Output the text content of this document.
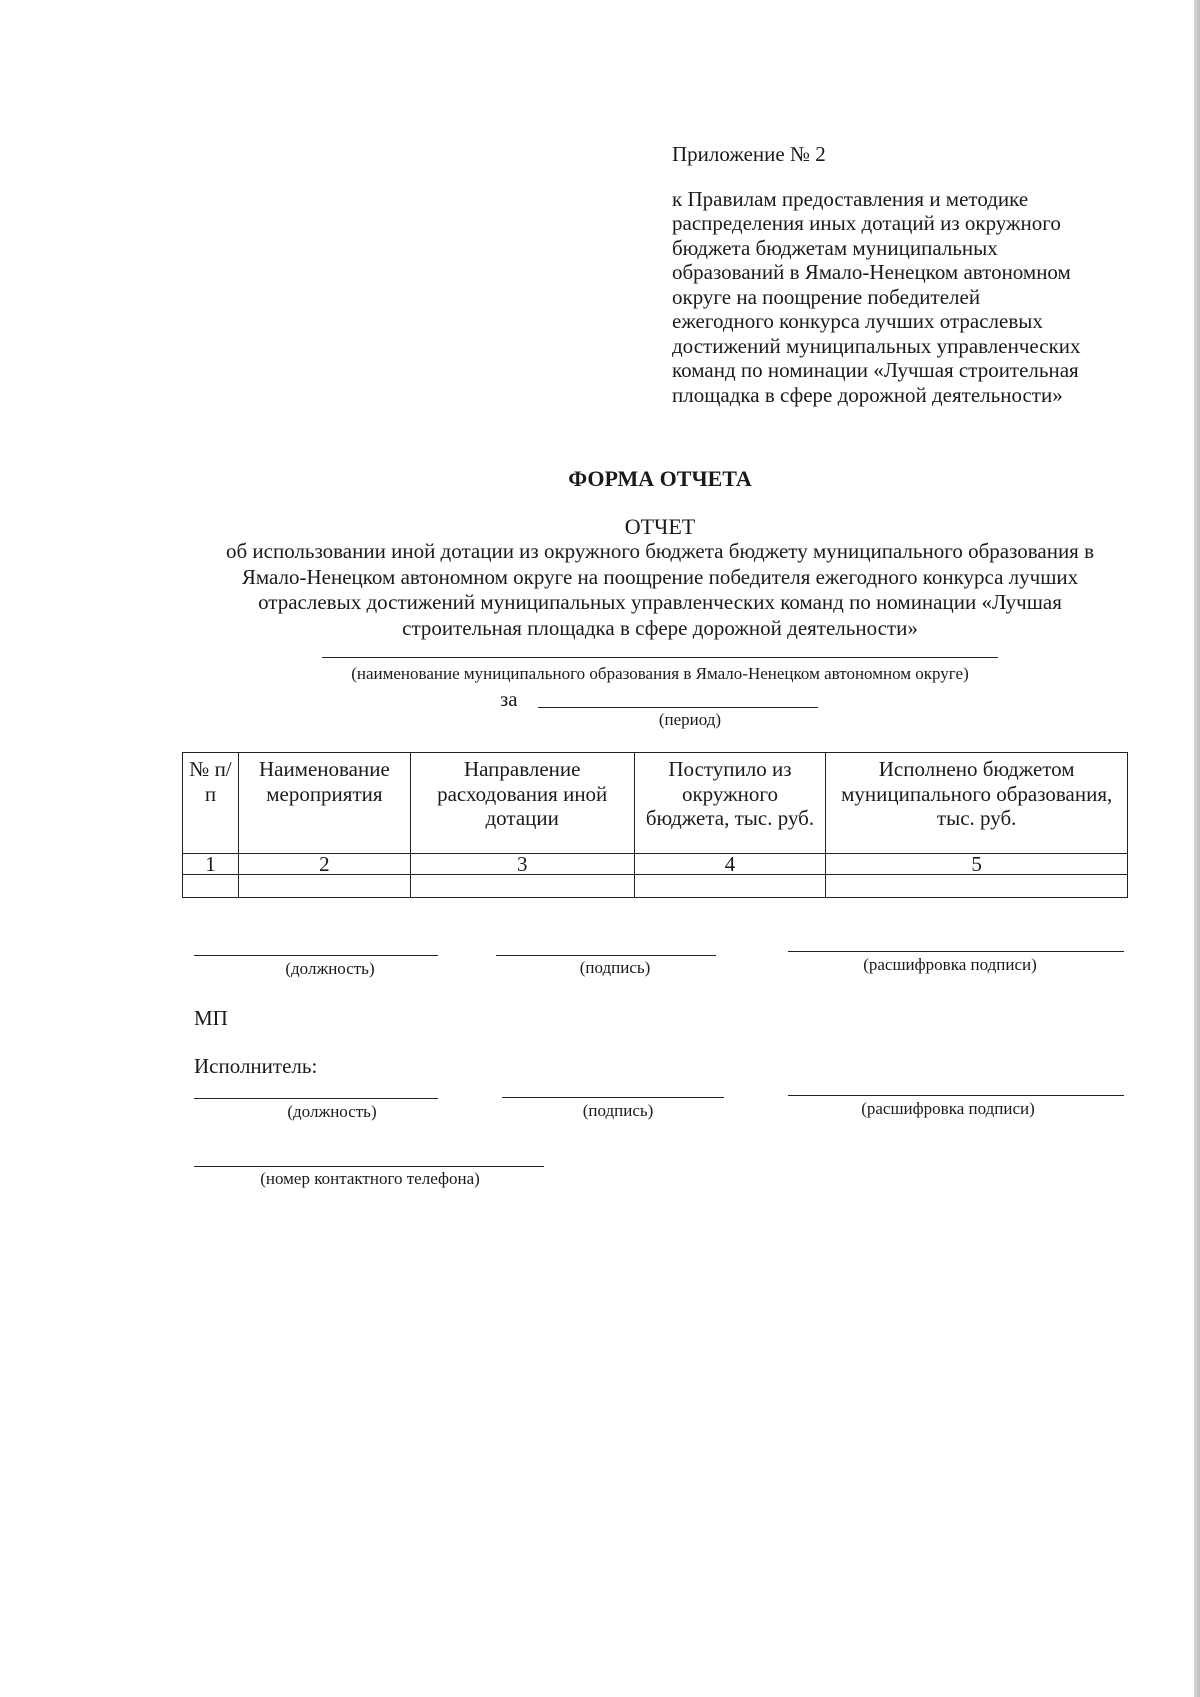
Приложение № 2
к Правилам предоставления и методике
распределения иных дотаций из окружного
бюджета бюджетам муниципальных
образований в Ямало-Ненецком автономном
округе на поощрение победителей
ежегодного конкурса лучших отраслевых
достижений муниципальных управленческих
команд по номинации «Лучшая строительная
площадка в сфере дорожной деятельности»
ФОРМА ОТЧЕТА
ОТЧЕТ
об использовании иной дотации из окружного бюджета бюджету муниципального образования в Ямало-Ненецком автономном округе на поощрение победителя ежегодного конкурса лучших отраслевых достижений муниципальных управленческих команд по номинации «Лучшая строительная площадка в сфере дорожной деятельности»
(наименование муниципального образования в Ямало-Ненецком автономном округе)
за
(период)
№ п/п	Наименование мероприятия	Направление расходования иной дотации	Поступило из окружного бюджета, тыс. руб.	Исполнено бюджетом муниципального образования, тыс. руб.
1	2	3	4	5

(должность)	(подпись)	(расшифровка подписи)
МП
Исполнитель:
(должность)	(подпись)	(расшифровка подписи)
(номер контактного телефона)
